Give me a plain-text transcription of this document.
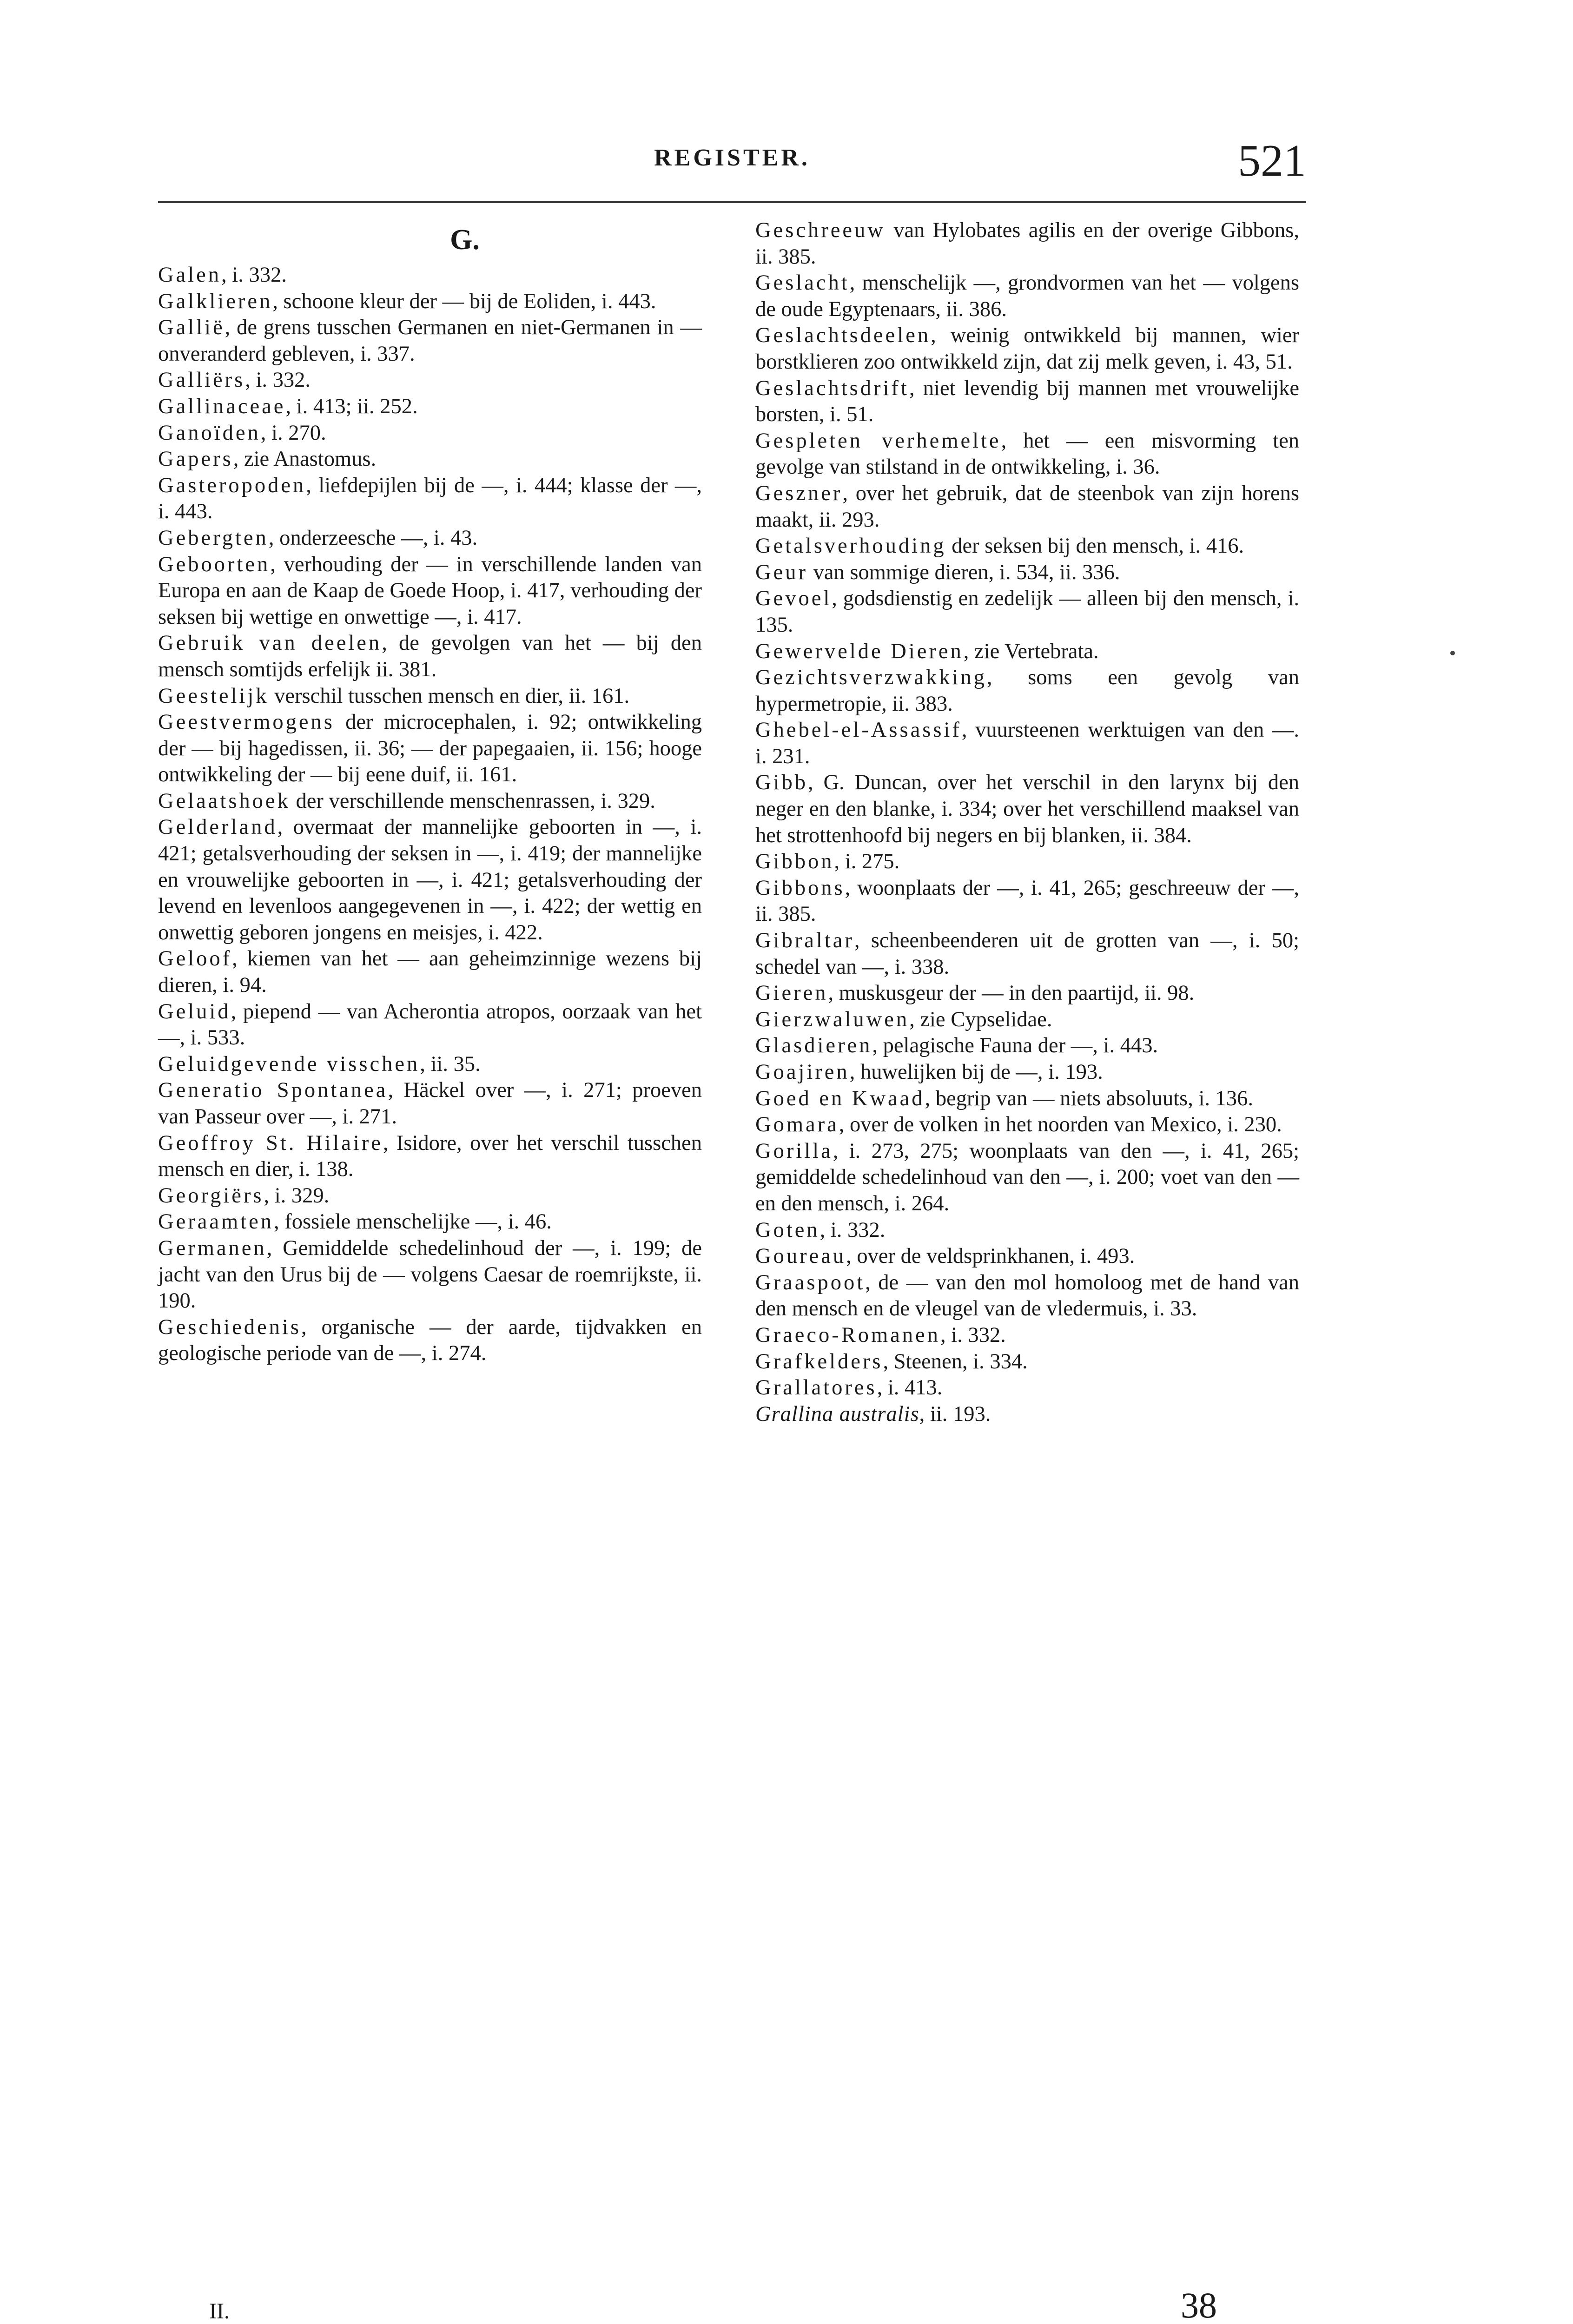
REGISTER.	521
G.

Galen, i. 332.

Galklieren, schoone kleur der — bij de Eoliden, i. 443.

Gallië, de grens tusschen Germanen en niet-Germanen in — onveranderd gebleven, i. 337.

Galliërs, i. 332.

Gallinaceae, i. 413; ii. 252.

Ganoïden, i. 270.

Gapers, zie Anastomus.

Gasteropoden, liefdepijlen bij de —, i. 444; klasse der —, i. 443.

Gebergten, onderzeesche —, i. 43.

Geboorten, verhouding der — in verschillende landen van Europa en aan de Kaap de Goede Hoop, i. 417, verhouding der seksen bij wettige en onwettige —, i. 417.

Gebruik van deelen, de gevolgen van het — bij den mensch somtijds erfelijk ii. 381.

Geestelijk verschil tusschen mensch en dier, ii. 161.

Geestvermogens der microcephalen, i. 92; ontwikkeling der — bij hagedissen, ii. 36; — der papegaaien, ii. 156; hooge ontwikkeling der — bij eene duif, ii. 161.

Gelaatshoek der verschillende menschenrassen, i. 329.

Gelderland, overmaat der mannelijke geboorten in —, i. 421; getalsverhouding der seksen in —, i. 419; der mannelijke en vrouwelijke geboorten in —, i. 421; getalsverhouding der levend en levenloos aangegevenen in —, i. 422; der wettig en onwettig geboren jongens en meisjes, i. 422.

Geloof, kiemen van het — aan geheimzinnige wezens bij dieren, i. 94.

Geluid, piepend — van Acherontia atropos, oorzaak van het —, i. 533.

Geluidgevende visschen, ii. 35.

Generatio Spontanea, Häckel over —, i. 271; proeven van Passeur over —, i. 271.

Geoffroy St. Hilaire, Isidore, over het verschil tusschen mensch en dier, i. 138.

Georgiërs, i. 329.

Geraamten, fossiele menschelijke —, i. 46.

Germanen, Gemiddelde schedelinhoud der —, i. 199; de jacht van den Urus bij de — volgens Caesar de roemrijkste, ii. 190.

Geschiedenis, organische — der aarde, tijdvakken en geologische periode van de —, i. 274.

Geschreeuw van Hylobates agilis en der overige Gibbons, ii. 385.

Geslacht, menschelijk —, grondvormen van het — volgens de oude Egyptenaars, ii. 386.

Geslachtsdeelen, weinig ontwikkeld bij mannen, wier borstklieren zoo ontwikkeld zijn, dat zij melk geven, i. 43, 51.

Geslachtsdrift, niet levendig bij mannen met vrouwelijke borsten, i. 51.

Gespleten verhemelte, het — een misvorming ten gevolge van stilstand in de ontwikkeling, i. 36.

Geszner, over het gebruik, dat de steenbok van zijn horens maakt, ii. 293.

Getalsverhouding der seksen bij den mensch, i. 416.

Geur van sommige dieren, i. 534, ii. 336.

Gevoel, godsdienstig en zedelijk — alleen bij den mensch, i. 135.

Gewervelde Dieren, zie Vertebrata.

Gezichtsverzwakking, soms een gevolg van hypermetropie, ii. 383.

Ghebel-el-Assassif, vuursteenen werktuigen van den —. i. 231.

Gibb, G. Duncan, over het verschil in den larynx bij den neger en den blanke, i. 334; over het verschillend maaksel van het strottenhoofd bij negers en bij blanken, ii. 384.

Gibbon, i. 275.

Gibbons, woonplaats der —, i. 41, 265; geschreeuw der —, ii. 385.

Gibraltar, scheenbeenderen uit de grotten van —, i. 50; schedel van —, i. 338.

Gieren, muskusgeur der — in den paartijd, ii. 98.

Gierzwaluwen, zie Cypselidae.

Glasdieren, pelagische Fauna der —, i. 443.

Goajiren, huwelijken bij de —, i. 193.

Goed en Kwaad, begrip van — niets absoluuts, i. 136.

Gomara, over de volken in het noorden van Mexico, i. 230.

Gorilla, i. 273, 275; woonplaats van den —, i. 41, 265; gemiddelde schedelinhoud van den —, i. 200; voet van den — en den mensch, i. 264.

Goten, i. 332.

Goureau, over de veldsprinkhanen, i. 493.

Graaspoot, de — van den mol homoloog met de hand van den mensch en de vleugel van de vledermuis, i. 33.

Graeco-Romanen, i. 332.

Grafkelders, Steenen, i. 334.

Grallatores, i. 413.

Grallina australis, ii. 193.

II.	38
